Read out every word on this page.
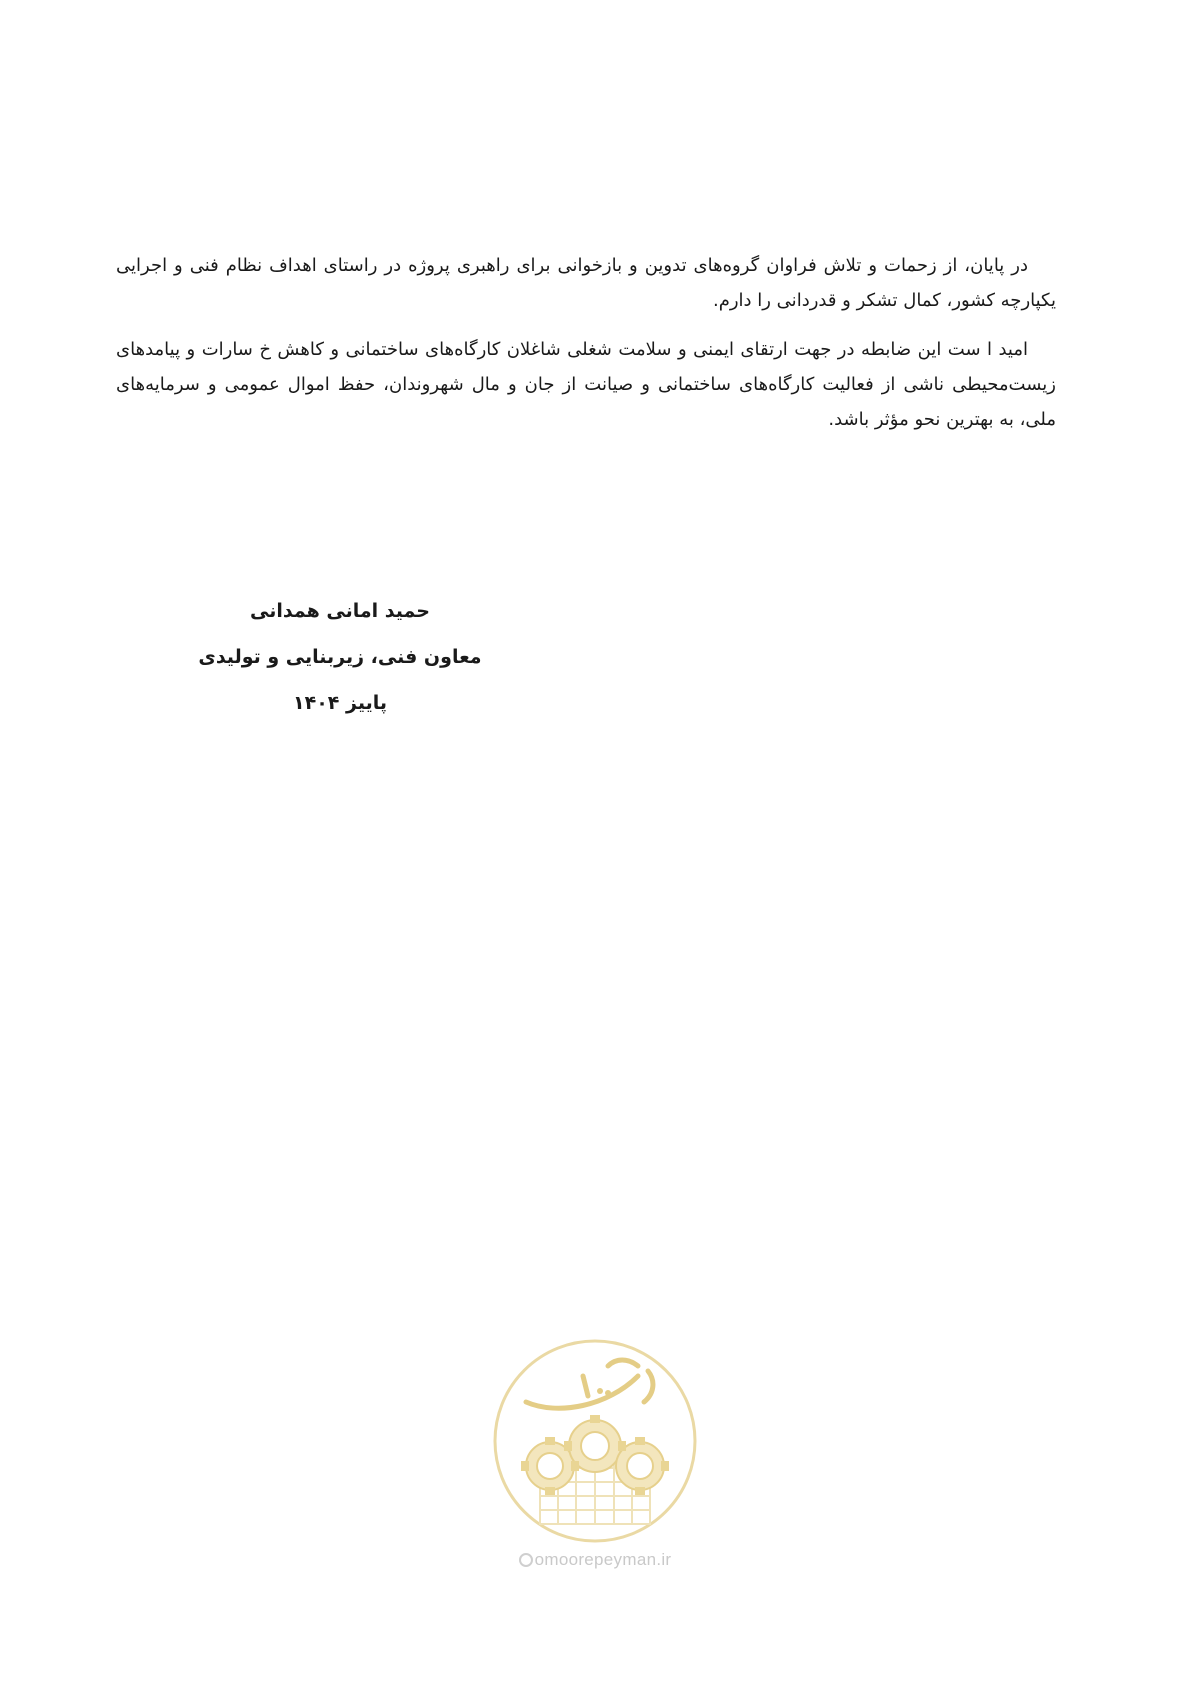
در پایان، از زحمات و تلاش فراوان گروه‌های تدوین و بازخوانی برای راهبری پروژه در راستای اهداف نظام فنی و اجرایی یکپارچه کشور، کمال تشکر و قدردانی را دارم.

امید ا ست این ضابطه در جهت ارتقای ایمنی و سلامت شغلی شاغلان کارگاه‌های ساختمانی و کاهش خ سارات و پیامدهای زیست‌محیطی ناشی از فعالیت کارگاه‌های ساختمانی و صیانت از جان و مال شهروندان، حفظ اموال عمومی و سرمایه‌های ملی، به بهترین نحو مؤثر باشد.

حمید امانی همدانی
معاون فنی، زیربنایی و تولیدی
پاییز ۱۴۰۴
omoorepeyman.ir
